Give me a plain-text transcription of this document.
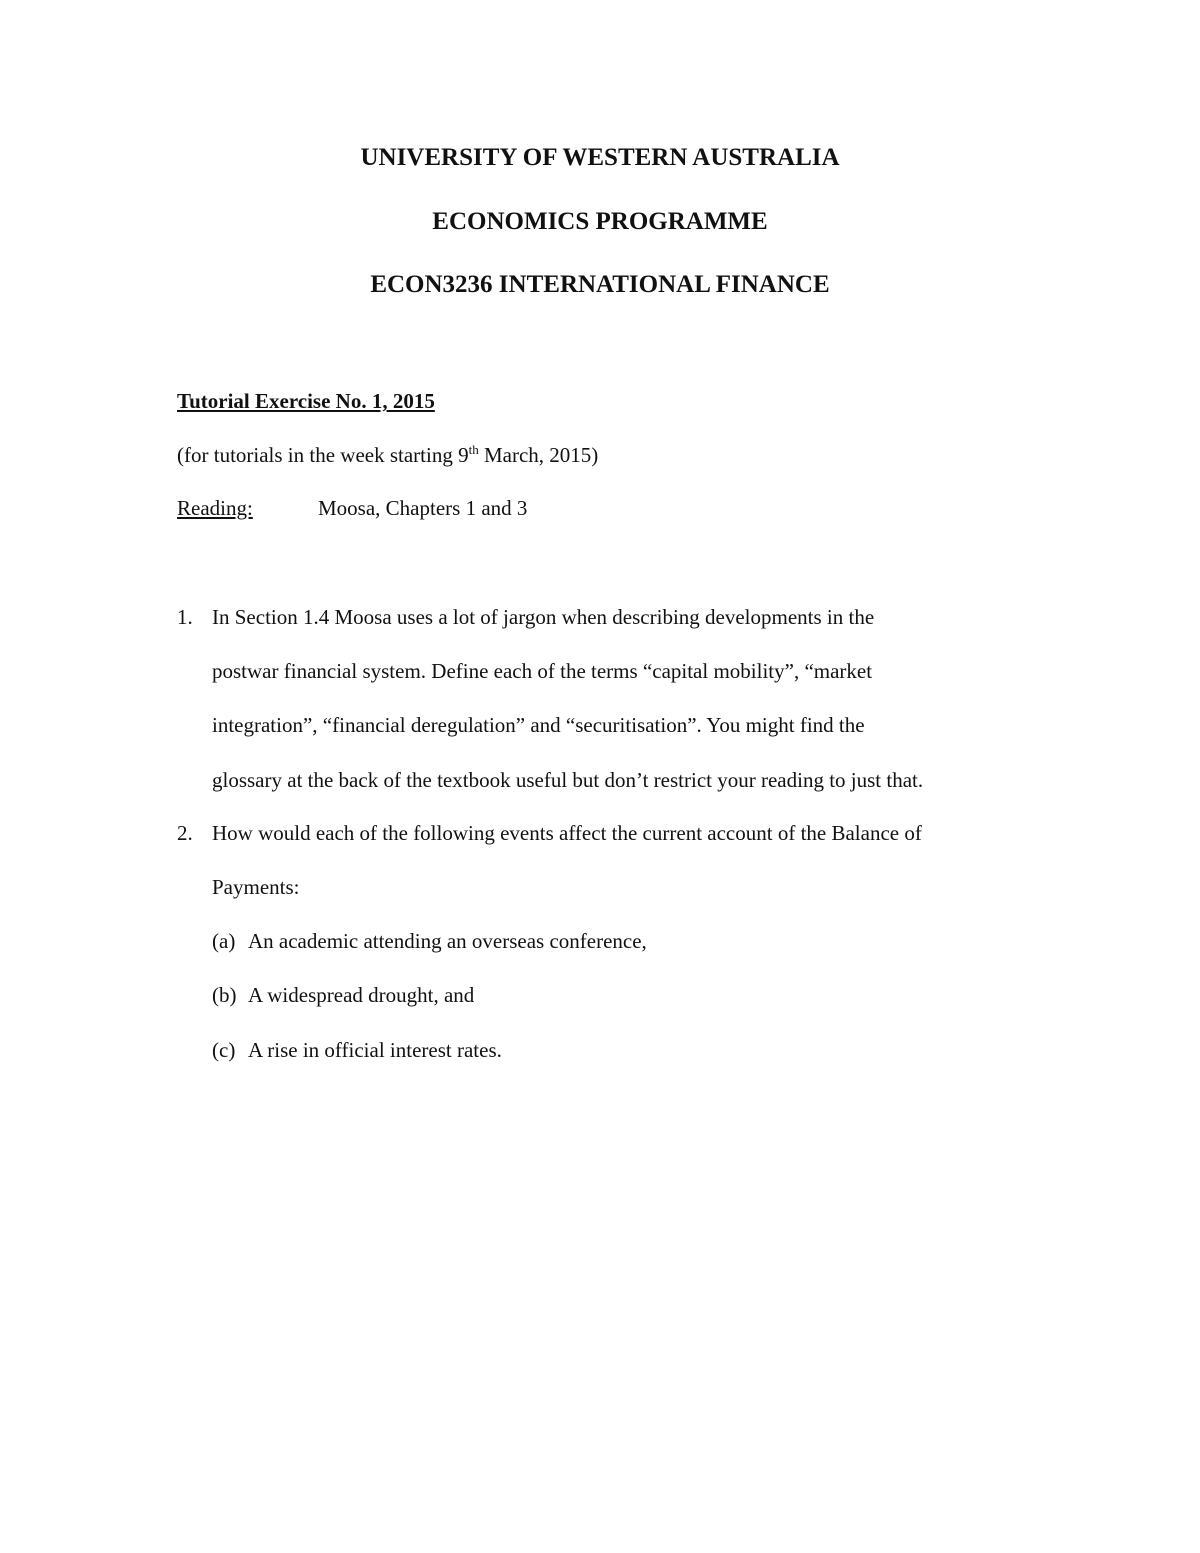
UNIVERSITY OF WESTERN AUSTRALIA
ECONOMICS PROGRAMME
ECON3236 INTERNATIONAL FINANCE
Tutorial Exercise No. 1, 2015
(for tutorials in the week starting 9th March, 2015)
Reading:	Moosa, Chapters 1 and 3
1. In Section 1.4 Moosa uses a lot of jargon when describing developments in the
postwar financial system. Define each of the terms “capital mobility”, “market
integration”, “financial deregulation” and “securitisation”. You might find the
glossary at the back of the textbook useful but don’t restrict your reading to just that.
2. How would each of the following events affect the current account of the Balance of
Payments:
(a) An academic attending an overseas conference,
(b) A widespread drought, and
(c) A rise in official interest rates.
